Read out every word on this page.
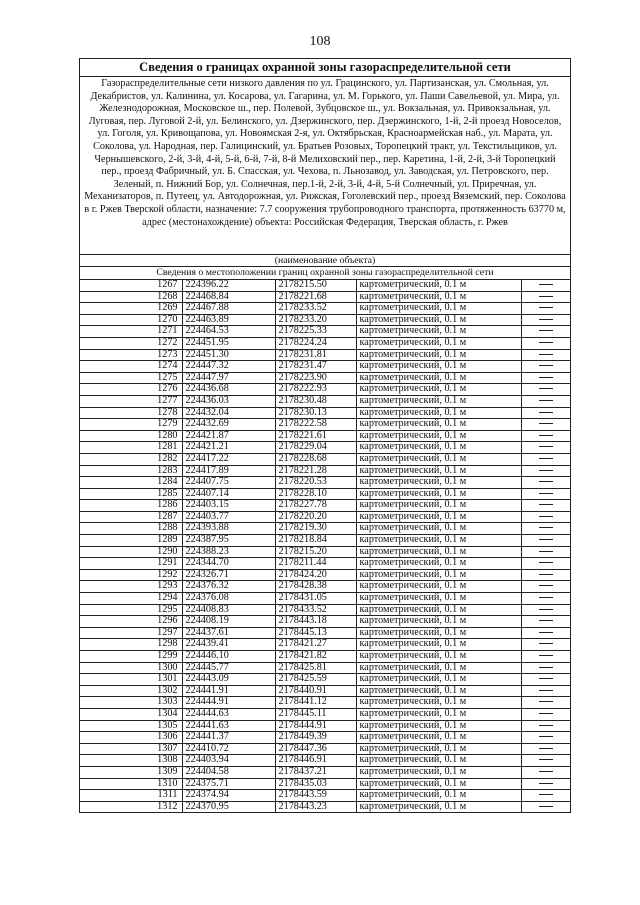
108
Сведения о границах охранной зоны газораспределительной сети
Газораспределительные сети низкого давления по ул. Грацинского, ул. Партизанская, ул. Смольная, ул. Декабристов, ул. Калинина, ул. Косарова, ул. Гагарина, ул. М. Горького, ул. Паши Савельевой, ул. Мира, ул. Железнодорожная, Московское ш., пер. Полевой, Зубцовское ш., ул. Вокзальная, ул. Привокзальная, ул. Луговая, пер. Луговой 2-й, ул. Белинского, ул. Дзержинского, пер. Дзержинского, 1-й, 2-й проезд Новоселов, ул. Гоголя, ул. Кривощапова, ул. Новоямская 2-я, ул. Октябрьская, Красноармейская наб., ул. Марата, ул. Соколова, ул. Народная, пер. Галицинский, ул. Братьев Розовых, Торопецкий тракт, ул. Текстильщиков, ул. Чернышевского, 2-й, 3-й, 4-й, 5-й, 6-й, 7-й, 8-й Мелиховский пер., пер. Каретина, 1-й, 2-й, 3-й Торопецкий пер., проезд Фабричный, ул. Б. Спасская, ул. Чехова, п. Льнозавод, ул. Заводская, ул. Петровского, пер. Зеленый, п. Нижний Бор, ул. Солнечная, пер.1-й, 2-й, 3-й, 4-й, 5-й Солнечный, ул. Приречная, ул. Механизаторов, п. Путеец, ул. Автодорожная, ул. Рижская, Гоголевский пер., проезд Вяземский, пер. Соколова в г. Ржев Тверской области, назначение: 7.7 сооружения трубопроводного транспорта, протяженность 63770 м, адрес (местонахождение) объекта: Российская Федерация, Тверская область, г. Ржев
(наименование объекта)
Сведения о местоположении границ охранной зоны газораспределительной сети
1267	224396.22	2178215.50	картометрический, 0.1 м	
1268	224468.84	2178221.68	картометрический, 0.1 м	
1269	224467.88	2178233.52	картометрический, 0.1 м	
1270	224463.89	2178233.20	картометрический, 0.1 м	
1271	224464.53	2178225.33	картометрический, 0.1 м	
1272	224451.95	2178224.24	картометрический, 0.1 м	
1273	224451.30	2178231.81	картометрический, 0.1 м	
1274	224447.32	2178231.47	картометрический, 0.1 м	
1275	224447.97	2178223.90	картометрический, 0.1 м	
1276	224436.68	2178222.93	картометрический, 0.1 м	
1277	224436.03	2178230.48	картометрический, 0.1 м	
1278	224432.04	2178230.13	картометрический, 0.1 м	
1279	224432.69	2178222.58	картометрический, 0.1 м	
1280	224421.87	2178221.61	картометрический, 0.1 м	
1281	224421.21	2178229.04	картометрический, 0.1 м	
1282	224417.22	2178228.68	картометрический, 0.1 м	
1283	224417.89	2178221.28	картометрический, 0.1 м	
1284	224407.75	2178220.53	картометрический, 0.1 м	
1285	224407.14	2178228.10	картометрический, 0.1 м	
1286	224403.15	2178227.78	картометрический, 0.1 м	
1287	224403.77	2178220.20	картометрический, 0.1 м	
1288	224393.88	2178219.30	картометрический, 0.1 м	
1289	224387.95	2178218.84	картометрический, 0.1 м	
1290	224388.23	2178215.20	картометрический, 0.1 м	
1291	224344.70	2178211.44	картометрический, 0.1 м	
1292	224326.71	2178424.20	картометрический, 0.1 м	
1293	224376.32	2178428.38	картометрический, 0.1 м	
1294	224376.08	2178431.05	картометрический, 0.1 м	
1295	224408.83	2178433.52	картометрический, 0.1 м	
1296	224408.19	2178443.18	картометрический, 0.1 м	
1297	224437.61	2178445.13	картометрический, 0.1 м	
1298	224439.41	2178421.27	картометрический, 0.1 м	
1299	224446.10	2178421.82	картометрический, 0.1 м	
1300	224445.77	2178425.81	картометрический, 0.1 м	
1301	224443.09	2178425.59	картометрический, 0.1 м	
1302	224441.91	2178440.91	картометрический, 0.1 м	
1303	224444.91	2178441.12	картометрический, 0.1 м	
1304	224444.63	2178445.11	картометрический, 0.1 м	
1305	224441.63	2178444.91	картометрический, 0.1 м	
1306	224441.37	2178449.39	картометрический, 0.1 м	
1307	224410.72	2178447.36	картометрический, 0.1 м	
1308	224403.94	2178446.91	картометрический, 0.1 м	
1309	224404.58	2178437.21	картометрический, 0.1 м	
1310	224375.71	2178435.03	картометрический, 0.1 м	
1311	224374.94	2178443.59	картометрический, 0.1 м	
1312	224370.95	2178443.23	картометрический, 0.1 м	
